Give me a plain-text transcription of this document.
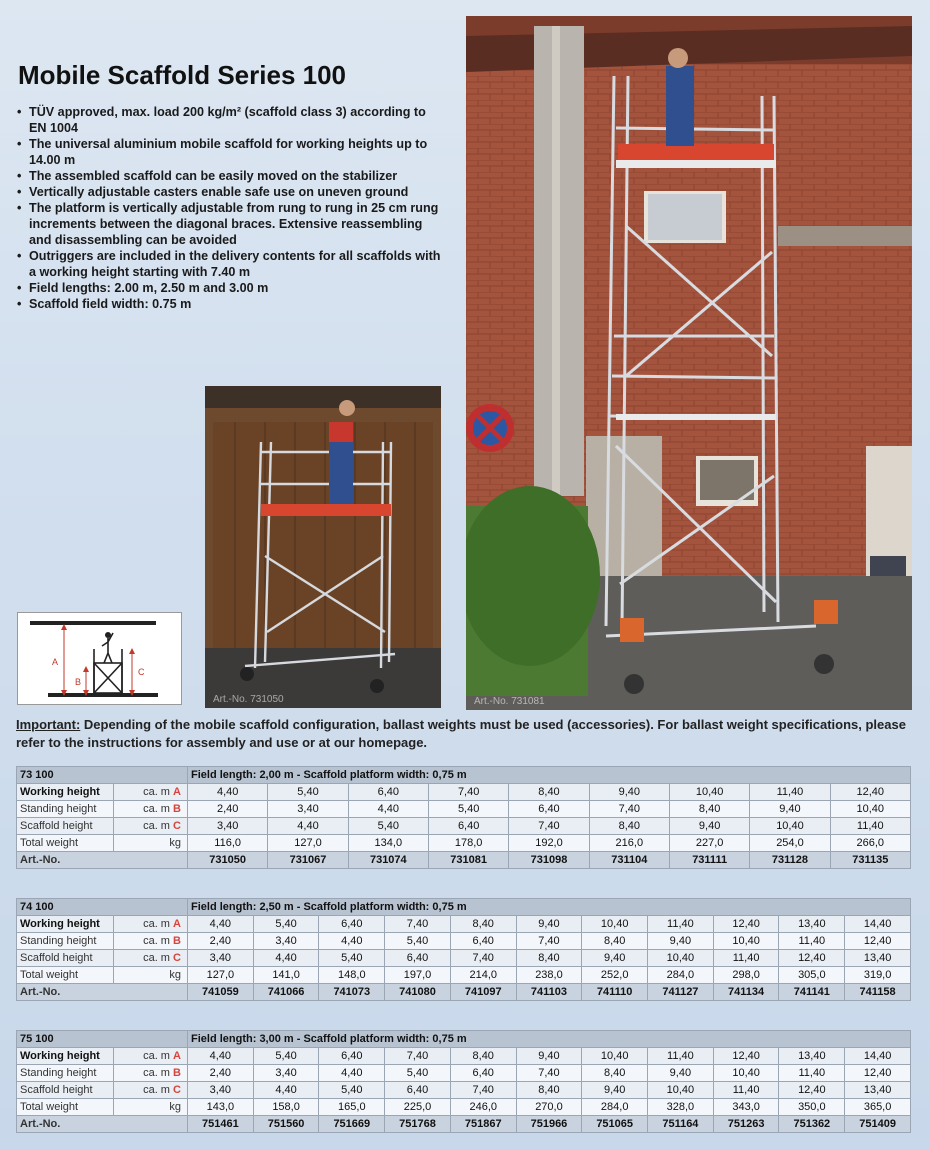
Mobile Scaffold Series 100
• TÜV approved, max. load 200 kg/m² (scaffold class 3) according to EN 1004
• The universal aluminium mobile scaffold for working heights up to 14.00 m
• The assembled scaffold can be easily moved on the stabilizer
• Vertically adjustable casters enable safe use on uneven ground
• The platform is vertically adjustable from rung to rung in 25 cm rung increments between the diagonal braces. Extensive reassembling and disassembling can be avoided
• Outriggers are included in the delivery contents for all scaffolds with a working height starting with 7.40 m
• Field lengths: 2.00 m, 2.50 m and 3.00 m
• Scaffold field width: 0.75 m
Art.-No. 731081
Art.-No. 731050
A
B
C

Important: Depending of the mobile scaffold configuration, ballast weights must be used (accessories). For ballast weight specifications, please refer to the instructions for assembly and use or at our homepage.

73 100		Field length: 2,00 m - Scaffold platform width: 0,75 m								
Working height	ca. m A	4,40	5,40	6,40	7,40	8,40	9,40	10,40	11,40	12,40
Standing height	ca. m B	2,40	3,40	4,40	5,40	6,40	7,40	8,40	9,40	10,40
Scaffold height	ca. m C	3,40	4,40	5,40	6,40	7,40	8,40	9,40	10,40	11,40
Total weight	kg	116,0	127,0	134,0	178,0	192,0	216,0	227,0	254,0	266,0
Art.-No.		731050	731067	731074	731081	731098	731104	731111	731128	731135
74 100		Field length: 2,50 m - Scaffold platform width: 0,75 m										
Working height	ca. m A	4,40	5,40	6,40	7,40	8,40	9,40	10,40	11,40	12,40	13,40	14,40
Standing height	ca. m B	2,40	3,40	4,40	5,40	6,40	7,40	8,40	9,40	10,40	11,40	12,40
Scaffold height	ca. m C	3,40	4,40	5,40	6,40	7,40	8,40	9,40	10,40	11,40	12,40	13,40
Total weight	kg	127,0	141,0	148,0	197,0	214,0	238,0	252,0	284,0	298,0	305,0	319,0
Art.-No.		741059	741066	741073	741080	741097	741103	741110	741127	741134	741141	741158
75 100		Field length: 3,00 m - Scaffold platform width: 0,75 m										
Working height	ca. m A	4,40	5,40	6,40	7,40	8,40	9,40	10,40	11,40	12,40	13,40	14,40
Standing height	ca. m B	2,40	3,40	4,40	5,40	6,40	7,40	8,40	9,40	10,40	11,40	12,40
Scaffold height	ca. m C	3,40	4,40	5,40	6,40	7,40	8,40	9,40	10,40	11,40	12,40	13,40
Total weight	kg	143,0	158,0	165,0	225,0	246,0	270,0	284,0	328,0	343,0	350,0	365,0
Art.-No.		751461	751560	751669	751768	751867	751966	751065	751164	751263	751362	751409
